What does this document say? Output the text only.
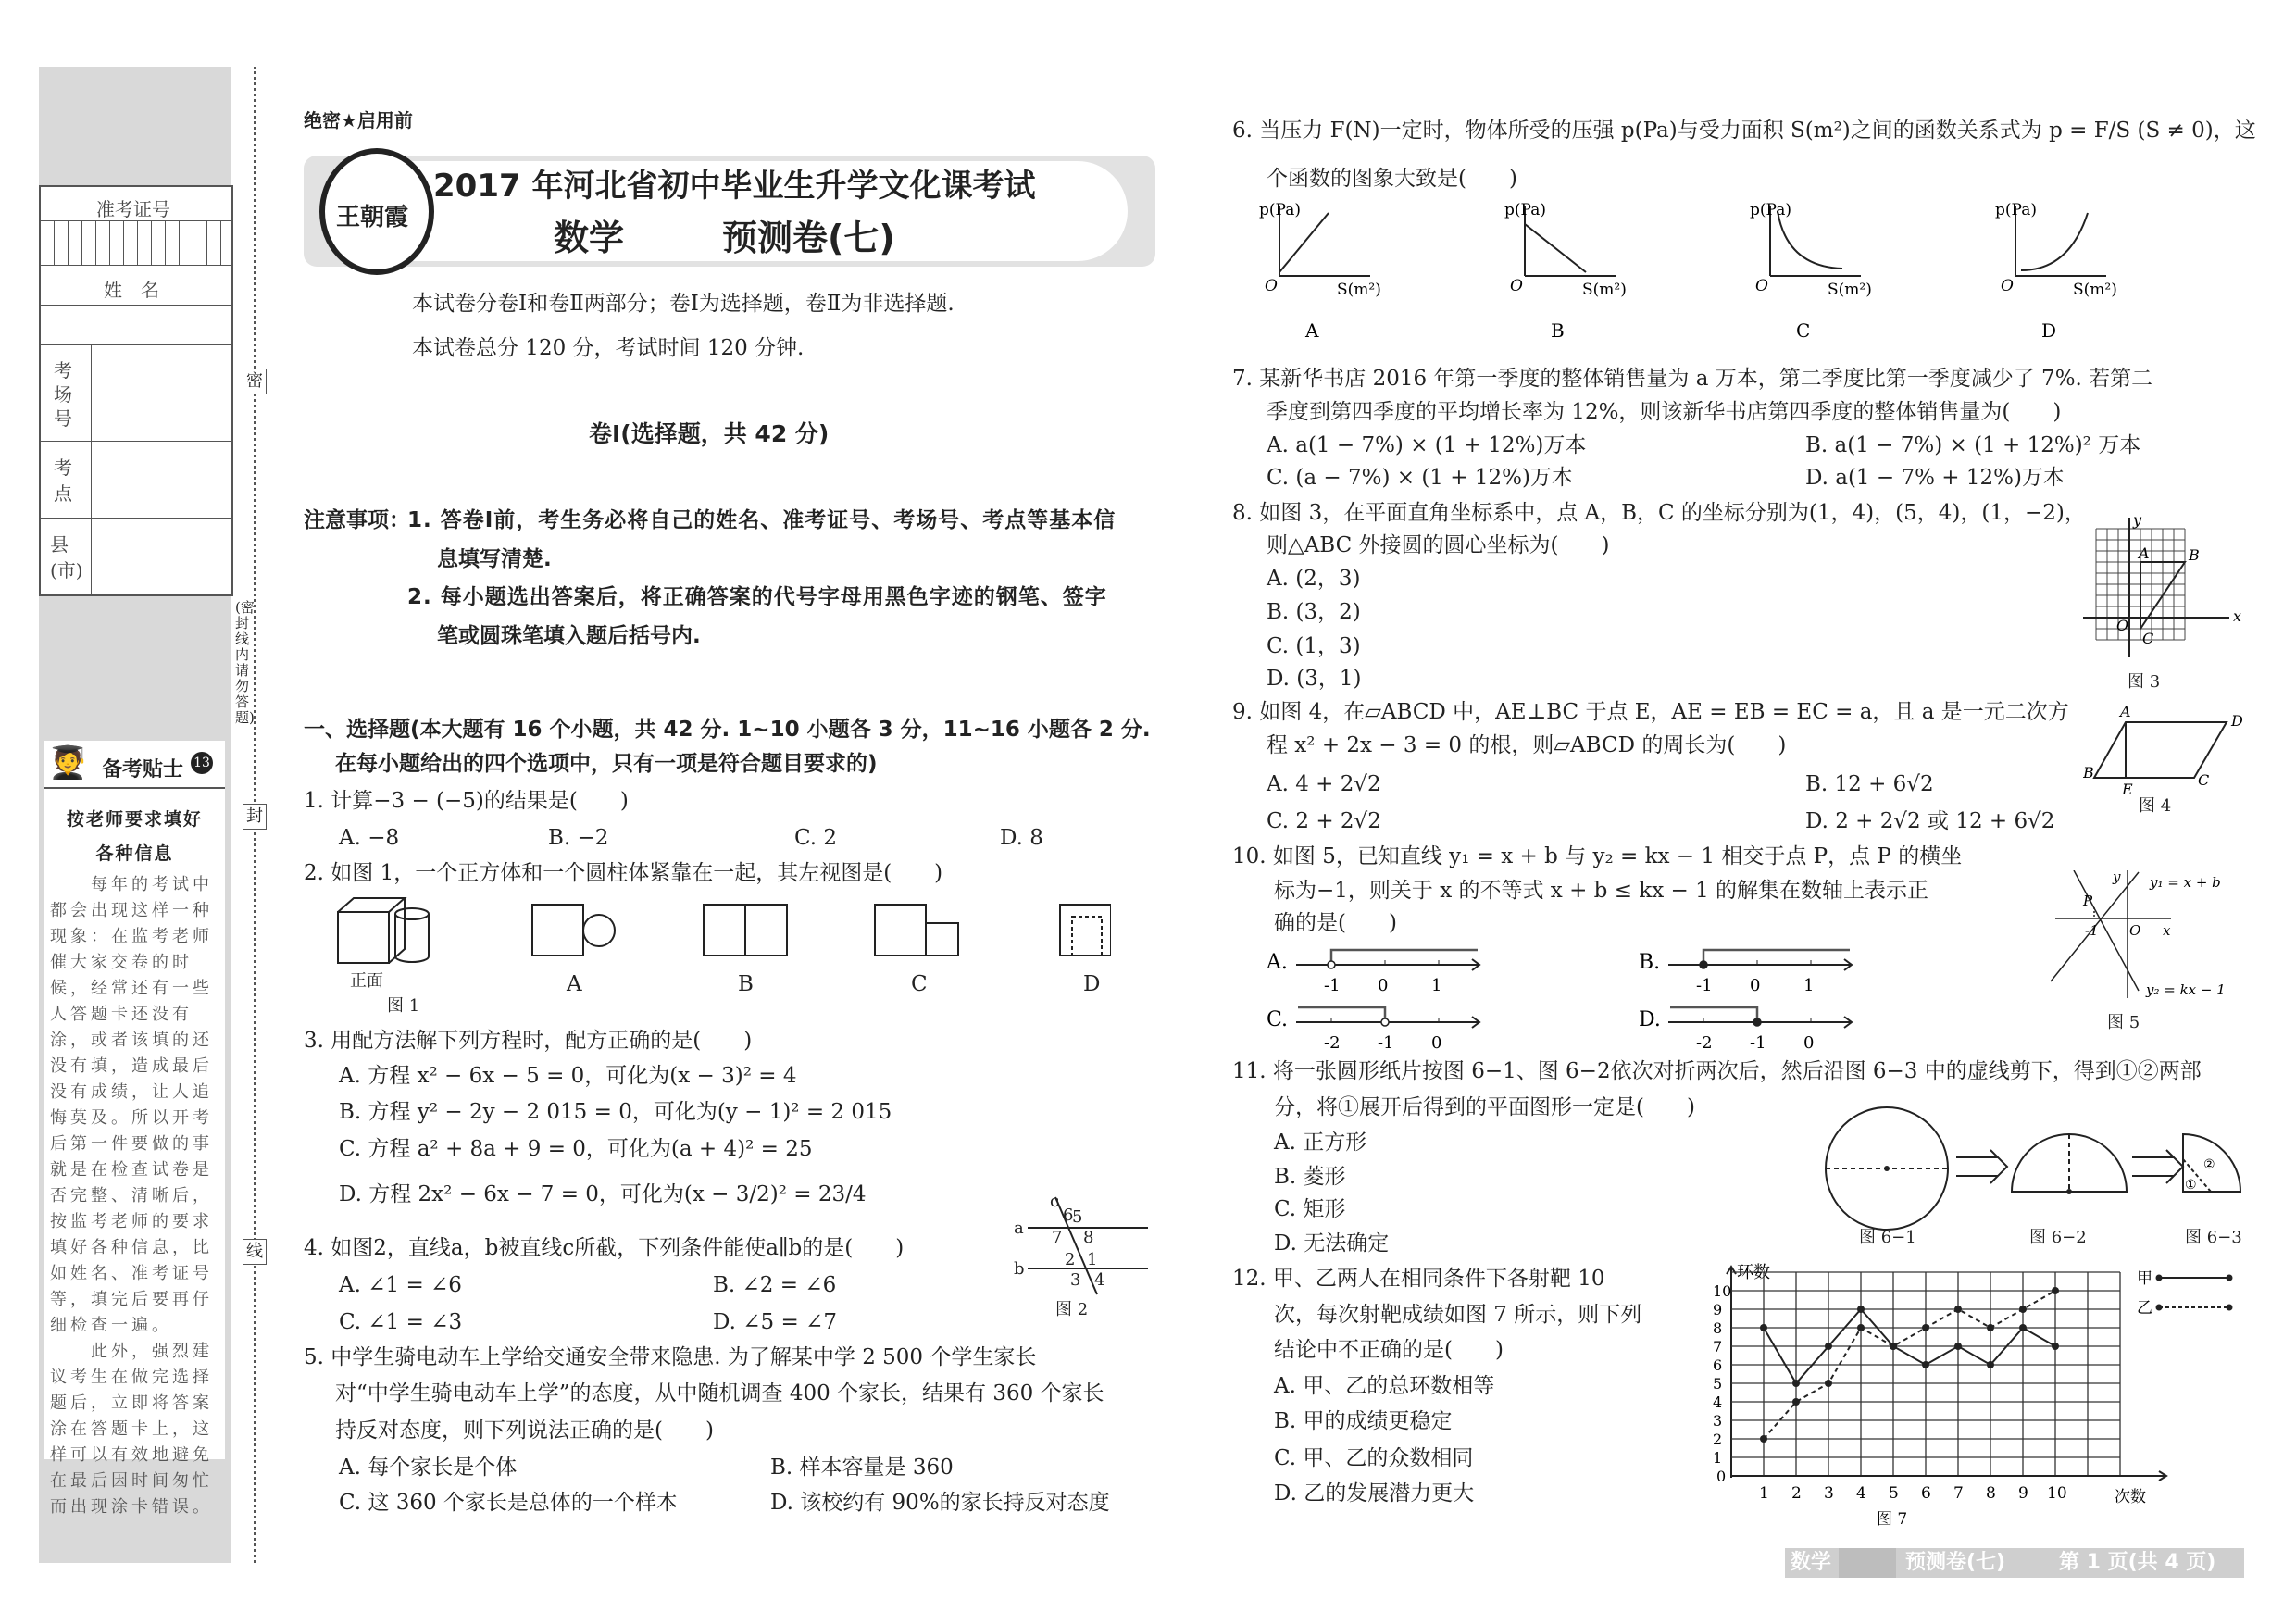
准考证号
姓　名
考场号
考点
县(市)
🧑‍🎓 备考贴士 13
按老师要求填好
各种信息

　　每年的考试中都会出现这样一种现象：在监考老师催大家交卷的时候，经常还有一些人答题卡还没有涂，或者该填的还没有填，造成最后没有成绩，让人追悔莫及。所以开考后第一件要做的事就是在检查试卷是否完整、清晰后，按监考老师的要求填好各种信息，比如姓名、准考证号等，填完后要再仔细检查一遍。

　　此外，强烈建议考生在做完选择题后，立即将答案涂在答题卡上，这样可以有效地避免在最后因时间匆忙而出现涂卡错误。

(密封线内请勿答题)
密
封
线
绝密★启用前
王朝霞
2017 年河北省初中毕业生升学文化课考试
数学	预测卷(七)
本试卷分卷Ⅰ和卷Ⅱ两部分；卷Ⅰ为选择题，卷Ⅱ为非选择题.
本试卷总分 120 分，考试时间 120 分钟.
卷Ⅰ(选择题，共 42 分)
注意事项：
1. 答卷Ⅰ前，考生务必将自己的姓名、准考证号、考场号、考点等基本信
息填写清楚.
2. 每小题选出答案后，将正确答案的代号字母用黑色字迹的钢笔、签字
笔或圆珠笔填入题后括号内.
一、选择题(本大题有 16 个小题，共 42 分. 1~10 小题各 3 分，11~16 小题各 2 分.
在每小题给出的四个选项中，只有一项是符合题目要求的)
1. 计算−3 − (−5)的结果是(　　)
A. −8	B. −2	C. 2	D. 8
2. 如图 1，一个正方体和一个圆柱体紧靠在一起，其左视图是(　　)
正面
图 1
A	B	C	D
3. 用配方法解下列方程时，配方正确的是(　　)
A. 方程 x² − 6x − 5 = 0，可化为(x − 3)² = 4
B. 方程 y² − 2y − 2 015 = 0，可化为(y − 1)² = 2 015
C. 方程 a² + 8a + 9 = 0，可化为(a + 4)² = 25
D. 方程 2x² − 6x − 7 = 0，可化为(x − 3/2)² = 23/4
4. 如图2，直线a，b被直线c所截，下列条件能使a∥b的是(　　)
A. ∠1 = ∠6	B. ∠2 = ∠6
C. ∠1 = ∠3	D. ∠5 = ∠7
c
a
b
5
7 8
6
2 1
3 4
图 2
5. 中学生骑电动车上学给交通安全带来隐患. 为了解某中学 2 500 个学生家长
对“中学生骑电动车上学”的态度，从中随机调查 400 个家长，结果有 360 个家长
持反对态度，则下列说法正确的是(　　)
A. 每个家长是个体	B. 样本容量是 360
C. 这 360 个家长是总体的一个样本	D. 该校约有 90%的家长持反对态度
6. 当压力 F(N)一定时，物体所受的压强 p(Pa)与受力面积 S(m²)之间的函数关系式为 p = F/S (S ≠ 0)，这
个函数的图象大致是(　　)
p(Pa)
S(m²)
O
A
p(Pa)
S(m²)
O
B
p(Pa)
S(m²)
O
C
p(Pa)
S(m²)
O
D
7. 某新华书店 2016 年第一季度的整体销售量为 a 万本，第二季度比第一季度减少了 7%. 若第二
季度到第四季度的平均增长率为 12%，则该新华书店第四季度的整体销售量为(　　)
A. a(1 − 7%) × (1 + 12%)万本	B. a(1 − 7%) × (1 + 12%)² 万本
C. (a − 7%) × (1 + 12%)万本	D. a(1 − 7% + 12%)万本
8. 如图 3，在平面直角坐标系中，点 A，B，C 的坐标分别为(1，4)，(5，4)，(1，−2)，
则△ABC 外接圆的圆心坐标为(　　)
A. (2，3)
B. (3，2)
C. (1，3)
D. (3，1)
y
x
B
A
C
O
图 3
9. 如图 4，在▱ABCD 中，AE⊥BC 于点 E，AE = EB = EC = a，且 a 是一元二次方
程 x² + 2x − 3 = 0 的根，则▱ABCD 的周长为(　　)
A. 4 + 2√2	B. 12 + 6√2
C. 2 + 2√2	D. 2 + 2√2 或 12 + 6√2
A
D
B	C
E
图 4
10. 如图 5，已知直线 y₁ = x + b 与 y₂ = kx − 1 相交于点 P，点 P 的横坐
标为−1，则关于 x 的不等式 x + b ≤ kx − 1 的解集在数轴上表示正
确的是(　　)
A.
-1 0	1
B.
-1 0	1
C.
-2 -1 0
D.
-2 -1 0
P
-1 O x
y y₁ = x + b
y₂ = kx − 1
图 5
11. 将一张圆形纸片按图 6−1、图 6−2依次对折两次后，然后沿图 6−3 中的虚线剪下，得到①②两部
分，将①展开后得到的平面图形一定是(　　)
A. 正方形
B. 菱形
C. 矩形
D. 无法确定
①
②
图 6−1	图 6−2	图 6−3
12. 甲、乙两人在相同条件下各射靶 10
次，每次射靶成绩如图 7 所示，则下列
结论中不正确的是(　　)
A. 甲、乙的总环数相等
B. 甲的成绩更稳定
C. 甲、乙的众数相同
D. 乙的发展潜力更大
环数
1
2
3
4
5
6
7
8
9
10
0
1 2 3 4 5 6 7 8 9 10	次数
图 7
甲
乙
数学	预测卷(七)	第 1 页(共 4 页)
